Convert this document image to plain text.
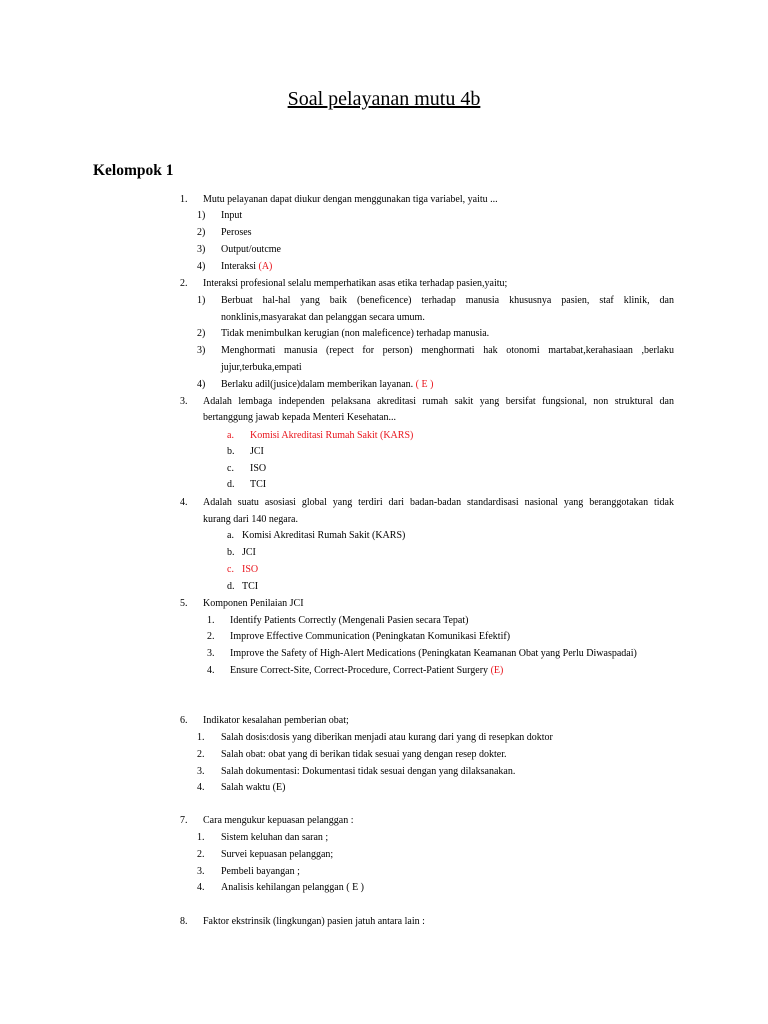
Soal pelayanan mutu 4b
Kelompok 1
1. Mutu pelayanan dapat diukur dengan menggunakan tiga variabel, yaitu ...
1) Input
2) Peroses
3) Output/outcme
4) Interaksi (A)
2. Interaksi profesional selalu memperhatikan asas etika terhadap pasien,yaitu;
1) Berbuat hal-hal yang baik (beneficence) terhadap manusia khususnya pasien, staf klinik, dan
nonklinis,masyarakat dan pelanggan secara umum.
2) Tidak menimbulkan kerugian (non maleficence) terhadap manusia.
3) Menghormati manusia (repect for person) menghormati hak otonomi martabat,kerahasiaan ,berlaku
jujur,terbuka,empati
4) Berlaku adil(jusice)dalam memberikan layanan. ( E )
3. Adalah lembaga independen pelaksana akreditasi rumah sakit yang bersifat fungsional, non struktural dan
bertanggung jawab kepada Menteri Kesehatan...
a. Komisi Akreditasi Rumah Sakit (KARS)
b. JCI
c. ISO
d. TCI
4. Adalah suatu asosiasi global yang terdiri dari badan-badan standardisasi nasional yang beranggotakan tidak
kurang dari 140 negara.
a. Komisi Akreditasi Rumah Sakit (KARS)
b. JCI
c. ISO
d. TCI
5. Komponen Penilaian JCI
1. Identify Patients Correctly (Mengenali Pasien secara Tepat)
2. Improve Effective Communication (Peningkatan Komunikasi Efektif)
3. Improve the Safety of High-Alert Medications (Peningkatan Keamanan Obat yang Perlu Diwaspadai)
4. Ensure Correct-Site, Correct-Procedure, Correct-Patient Surgery (E)
6. Indikator kesalahan pemberian obat;
1. Salah dosis:dosis yang diberikan menjadi atau kurang dari yang di resepkan doktor
2. Salah obat: obat yang di berikan tidak sesuai yang dengan resep dokter.
3. Salah dokumentasi: Dokumentasi tidak sesuai dengan yang dilaksanakan.
4. Salah waktu (E)
7. Cara mengukur kepuasan pelanggan :
1. Sistem keluhan dan saran ;
2. Survei kepuasan pelanggan;
3. Pembeli bayangan ;
4. Analisis kehilangan pelanggan ( E )
8. Faktor ekstrinsik (lingkungan) pasien jatuh antara lain :
